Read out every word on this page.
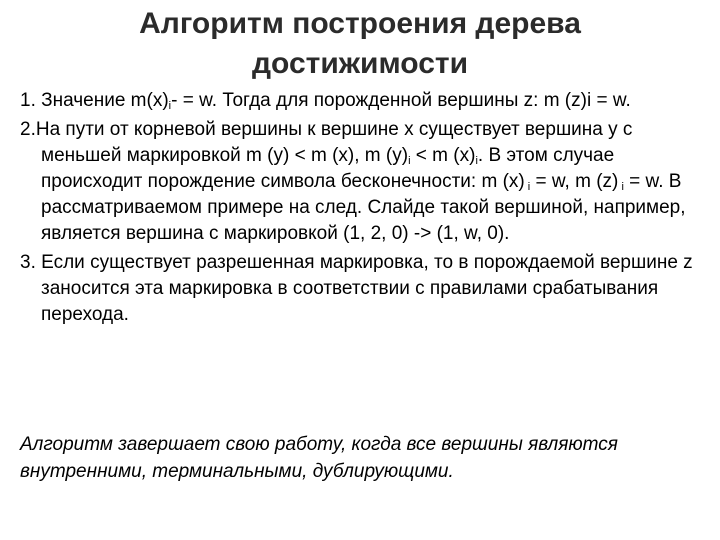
Алгоритм построения дерева
достижимости

1. Значение $m(x)_i- = w$. Тогда для порожденной вершины z: m (z)i = w.

2.На пути от корневой вершины к вершине x существует вершина у с меньшей маркировкой m (y) < m (x), m $(y)_i < m$ $(x)_i$. В этом случае происходит порождение символа бесконечности: m (x) $_i$ = w, m (z) $_i$ = w. В рассматриваемом примере на след. Слайде такой вершиной, например, является вершина с маркировкой (1, 2, 0) -> (1, w, 0).

3. Если существует разрешенная маркировка, то в порождаемой вершине z заносится эта маркировка в соответствии с правилами срабатывания перехода.

Алгоритм завершает свою работу, когда все вершины являются внутренними, терминальными, дублирующими.
